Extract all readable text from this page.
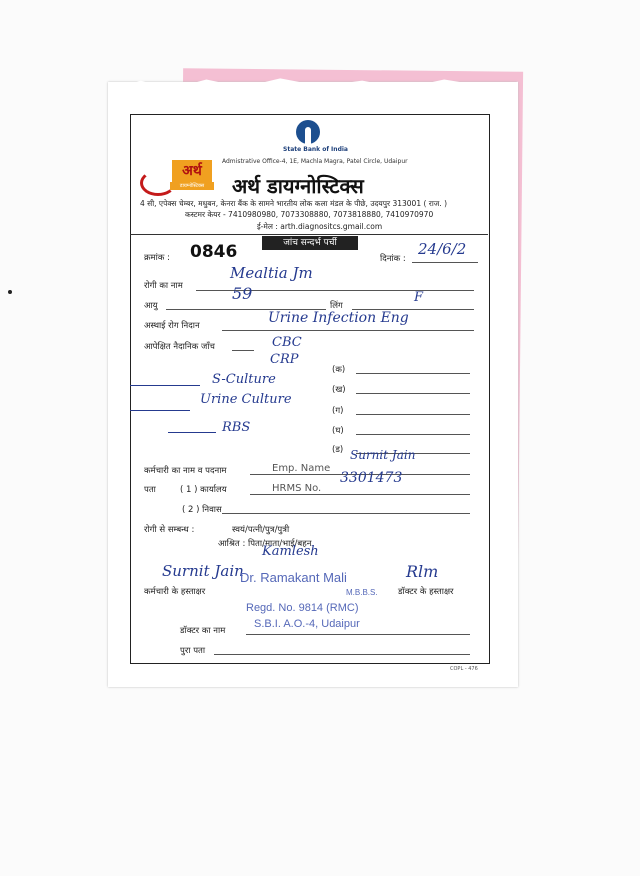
State Bank of India
Admistrative Office-4, 1E, Machla Magra, Patel Circle, Udaipur
अर्थ
डायग्नोस्टिक्स	अर्थ डायग्नोस्टिक्स
4 सी, एपेक्स चेम्बर, मधुबन, केनरा बैंक के सामने भारतीय लोक कला मंडल के पीछे, उदयपुर 313001 ( राज. )
कस्टमर केयर - 7410980980, 7073308880, 7073818880, 7410970970
ई-मेल : arth.diagnositcs.gmail.com
जांच सन्दर्भ पर्ची
क्रमांक : 0846	दिनांक :
24/6/2
रोगी का नाम
Mealtia Jm
आयु
59
लिंग
F
अस्थाई रोग निदान	Urine Infection Eng
आपेक्षित नैदानिक जाँच	CBC
CRP
S-Culture
Urine Culture
RBS
(क)
(ख)
(ग)
(घ)
(ड)
कर्मचारी का नाम व पदनाम	Emp. Name
Surnit Jain
पता	( 1 ) कार्यालय	HRMS No.
3301473
( 2 ) निवास
रोगी से सम्बन्ध :	स्वयं/पत्नी/पुत्र/पुत्री
आश्रित : पिता/माता/भाई/बहन
Kamlesh
Surnit Jain
कर्मचारी के हस्ताक्षर
Rlm
डॉक्टर के हस्ताक्षर
Dr. Ramakant Mali
M.B.B.S.
Regd. No. 9814 (RMC)
S.B.I. A.O.-4, Udaipur
डॉक्टर का नाम
पुरा पता
COPL - 476
